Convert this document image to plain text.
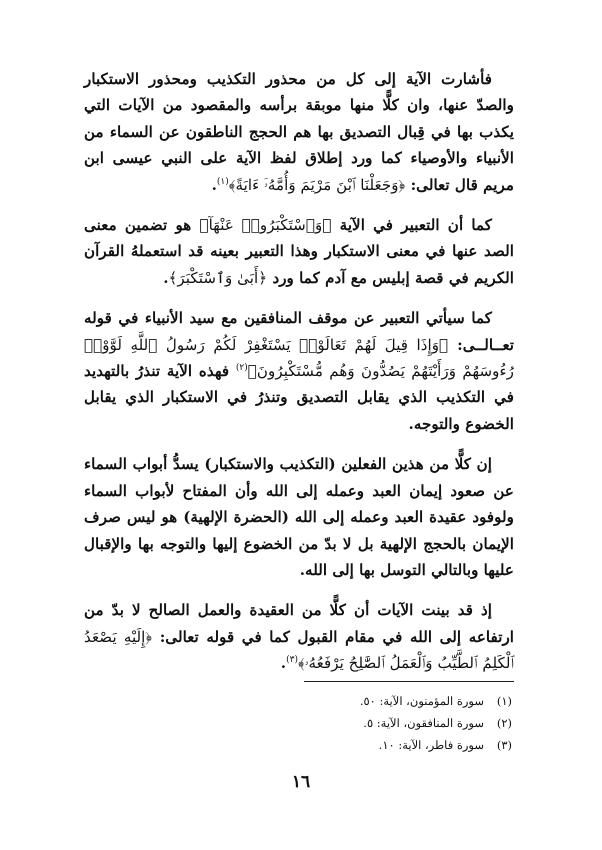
فأشارت الآية إلى كل من محذور التكذيب ومحذور الاستكبار والصدّ عنها، وان كلًّا منها موبقة برأسه والمقصود من الآيات التي يكذب بها في قِبال التصديق بها هم الحجج الناطقون عن السماء من الأنبياء والأوصياء كما ورد إطلاق لفظ الآية على النبي عيسى ابن مريم قال تعالى: ﴿وَجَعَلْنَا ٱبْنَ مَرْيَمَ وَأُمَّهُۥٓ ءَايَةً﴾$^{(١)}$.

كما أن التعبير في الآية ﴿وَٱسْتَكْبَرُوا۟ عَنْهَآ﴾ هو تضمين معنى الصد عنها في معنى الاستكبار وهذا التعبير بعينه قد استعملهُ القرآن الكريم في قصة إبليس مع آدم كما ورد ﴿أَبَىٰ وَٱسْتَكْبَرَ﴾.

كما سيأتي التعبير عن موقف المنافقين مع سيد الأنبياء في قوله تعــالــى: ﴿وَإِذَا قِيلَ لَهُمْ تَعَالَوْا۟ يَسْتَغْفِرْ لَكُمْ رَسُولُ ٱللَّهِ لَوَّوْا۟ رُءُوسَهُمْ وَرَأَيْتَهُمْ يَصُدُّونَ وَهُم مُّسْتَكْبِرُونَ﴾$^{(٢)}$ فهذه الآية تنذرُ بالتهديد في التكذيب الذي يقابل التصديق وتنذرُ في الاستكبار الذي يقابل الخضوع والتوجه.

إن كلًّا من هذين الفعلين (التكذيب والاستكبار) يسدُّ أبواب السماء عن صعود إيمان العبد وعمله إلى الله وأن المفتاح لأبواب السماء ولوفود عقيدة العبد وعمله إلى الله (الحضرة الإلهية) هو ليس صرف الإيمان بالحجج الإلهية بل لا بدّ من الخضوع إليها والتوجه بها والإقبال عليها وبالتالي التوسل بها إلى الله.

إذ قد بينت الآيات أن كلًّا من العقيدة والعمل الصالح لا بدّ من ارتفاعه إلى الله في مقام القبول كما في قوله تعالى: ﴿إِلَيْهِ يَصْعَدُ ٱلْكَلِمُ ٱلطَّيِّبُ وَٱلْعَمَلُ ٱلصَّٰلِحُ يَرْفَعُهُۥ﴾$^{(٣)}$.

(١)سورة المؤمنون، الآية: ٥٠.
(٢)سورة المنافقون، الآية: ٥.
(٣)سورة فاطر، الآية: ١٠.
١٦
